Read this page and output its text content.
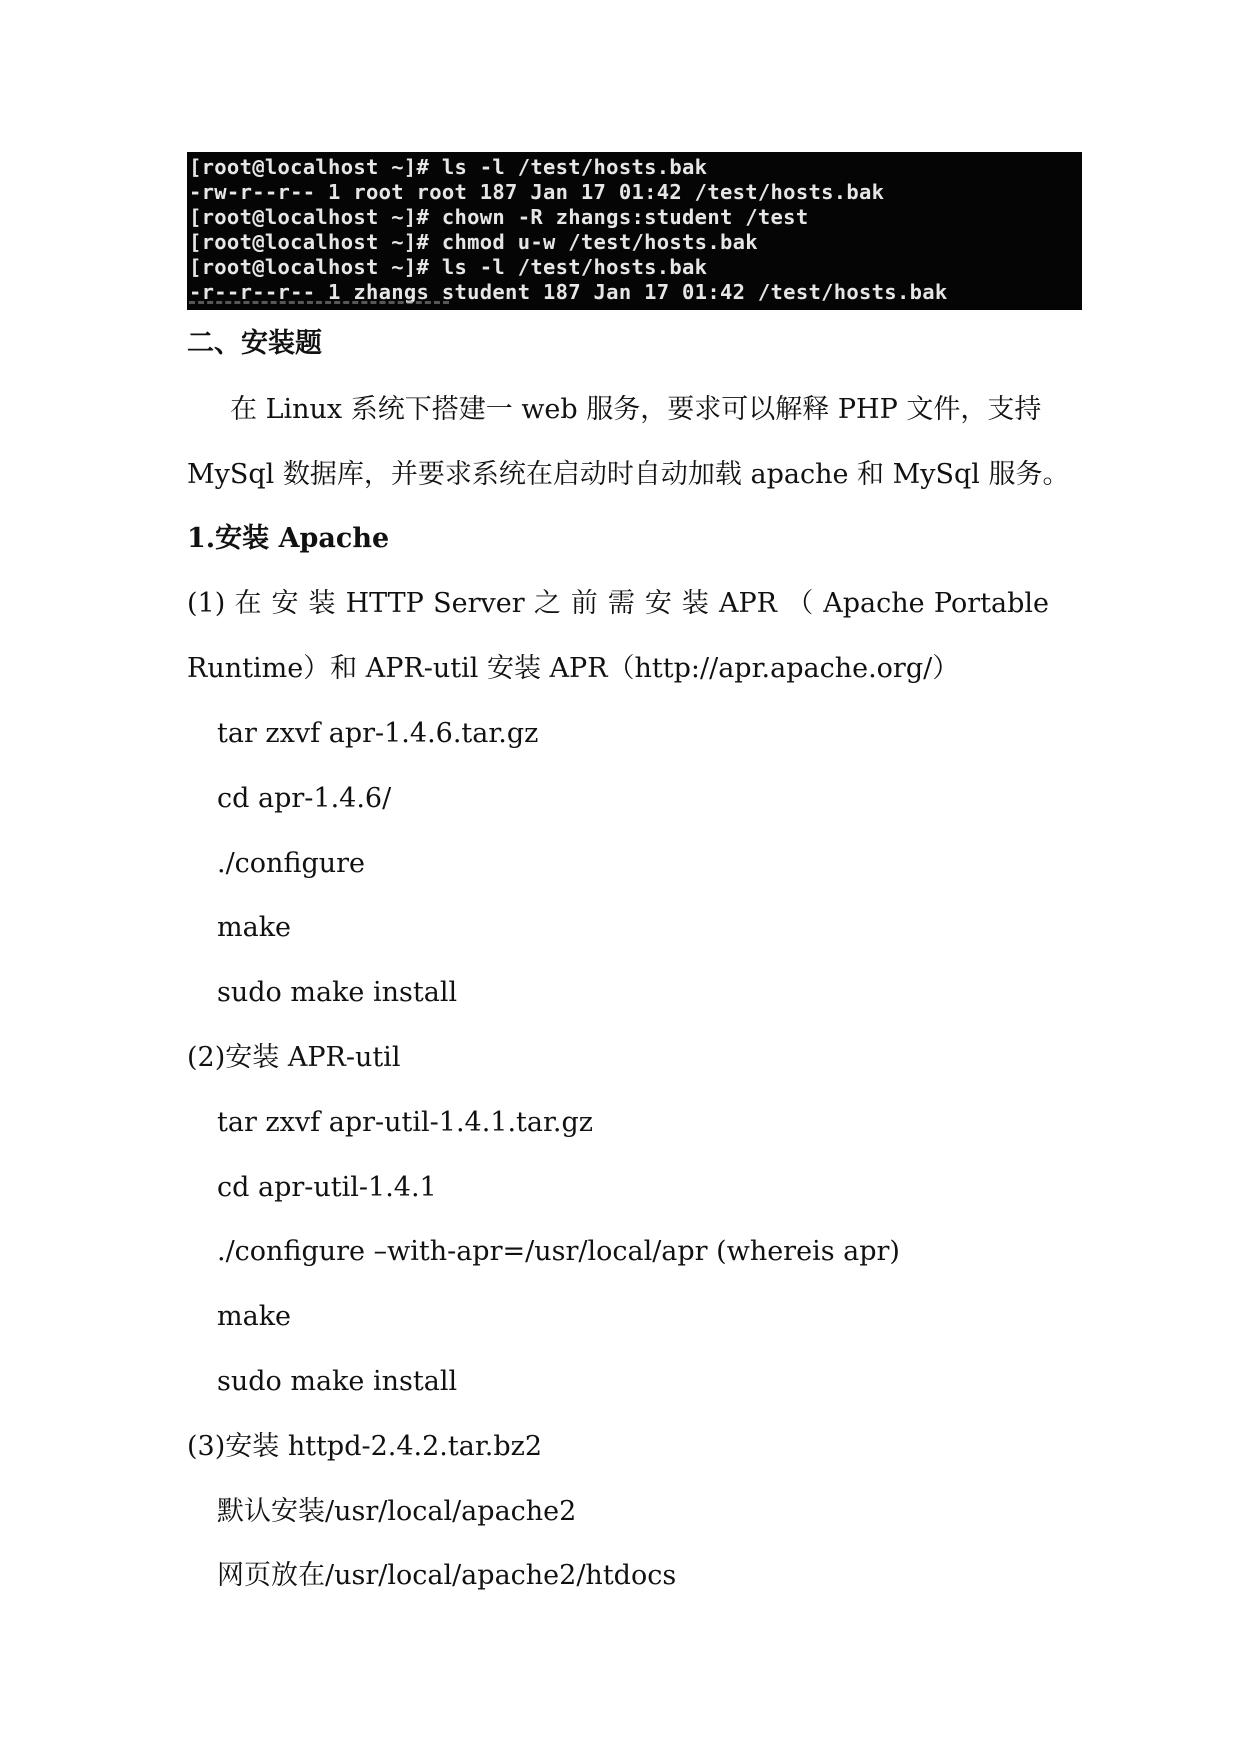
[root@localhost ~]# ls -l /test/hosts.bak
-rw-r--r-- 1 root root 187 Jan 17 01:42 /test/hosts.bak
[root@localhost ~]# chown -R zhangs:student /test
[root@localhost ~]# chmod u-w /test/hosts.bak
[root@localhost ~]# ls -l /test/hosts.bak
-r--r--r-- 1 zhangs student 187 Jan 17 01:42 /test/hosts.bak
二、安装题
在 Linux 系统下搭建一 web 服务，要求可以解释 PHP 文件，支持
MySql 数据库，并要求系统在启动时自动加载 apache 和 MySql 服务。
1.安装 Apache
(1) 在 安 装 HTTP Server 之 前 需 安 装 APR （ Apache Portable
Runtime）和 APR-util 安装 APR（http://apr.apache.org/）
tar zxvf apr-1.4.6.tar.gz
cd apr-1.4.6/
./configure
make
sudo make install
(2)安装 APR-util
tar zxvf apr-util-1.4.1.tar.gz
cd apr-util-1.4.1
./configure –with-apr=/usr/local/apr (whereis apr)
make
sudo make install
(3)安装 httpd-2.4.2.tar.bz2
默认安装/usr/local/apache2
网页放在/usr/local/apache2/htdocs
